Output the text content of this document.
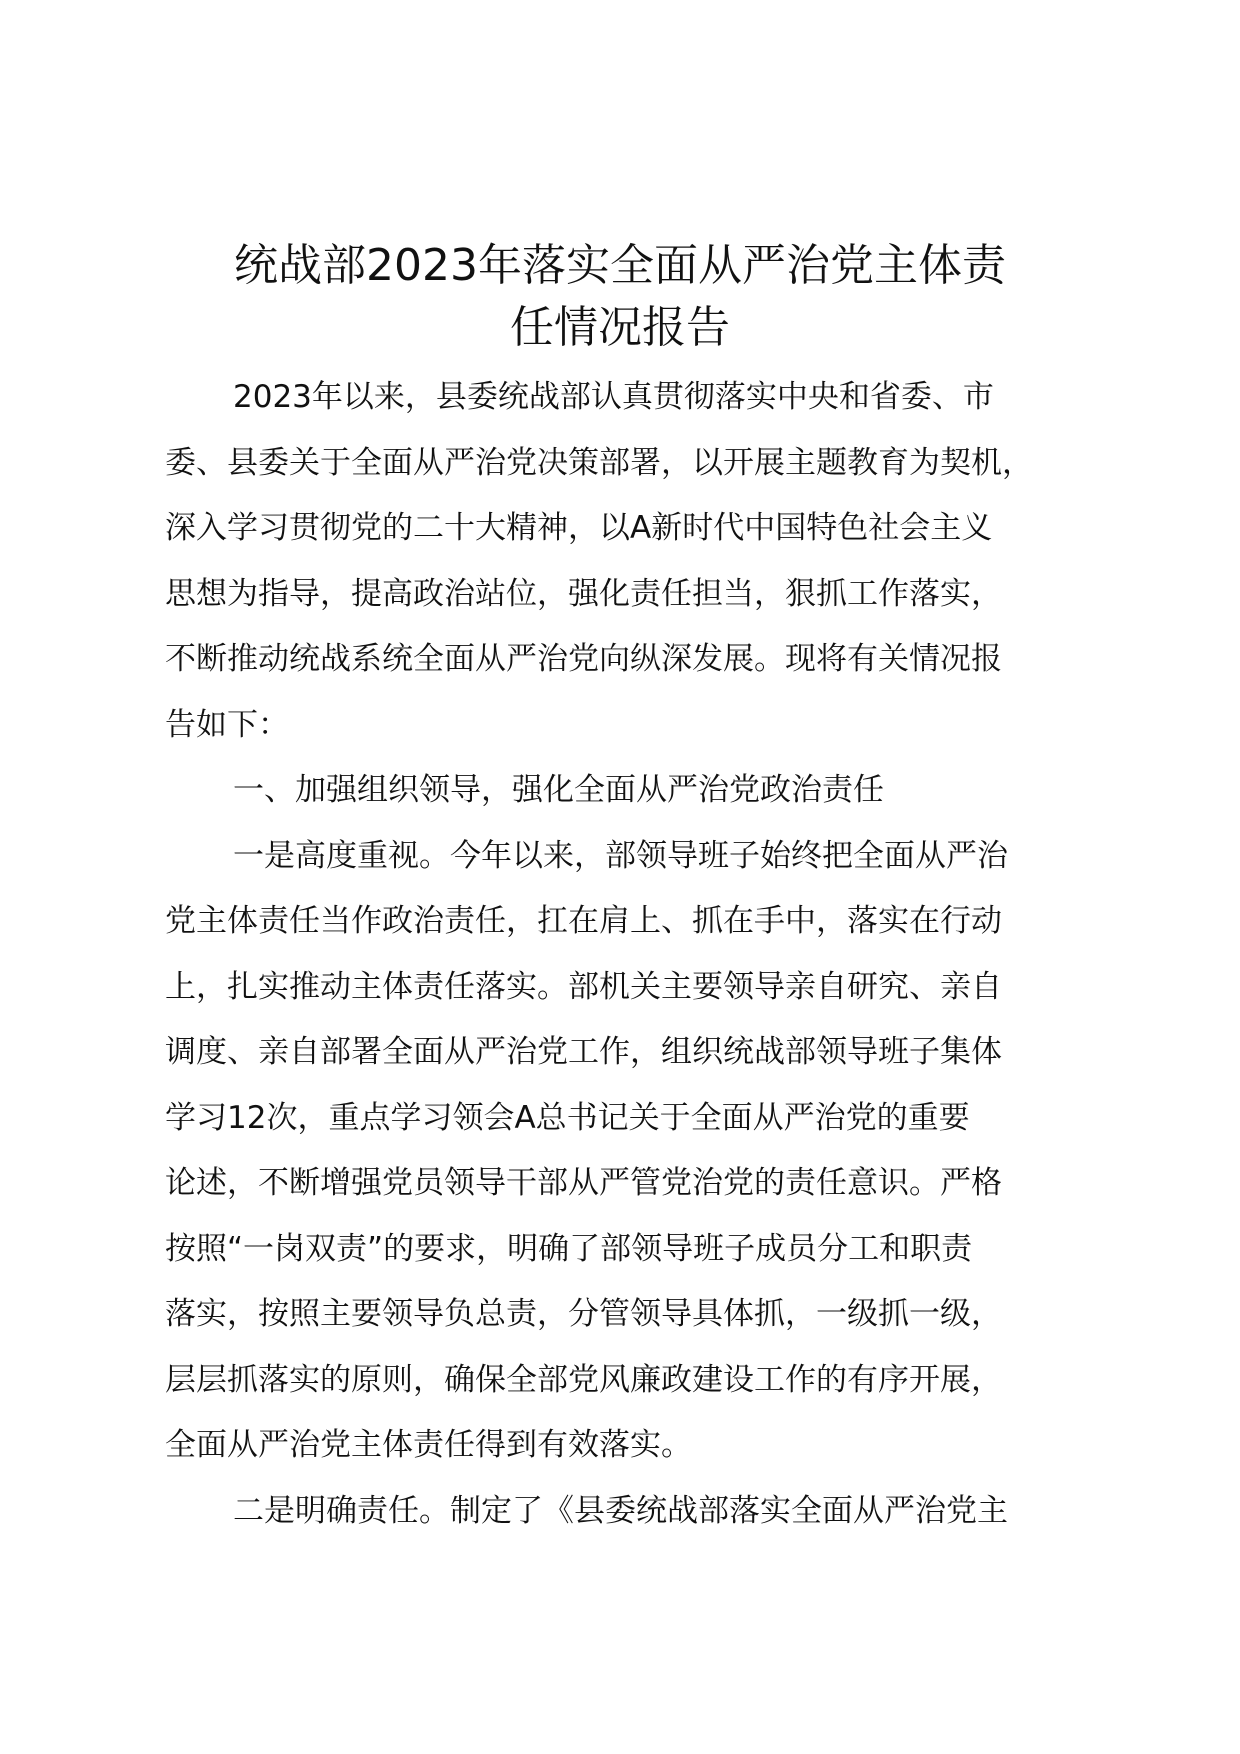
统战部2023年落实全面从严治党主体责
任情况报告
2023年以来，县委统战部认真贯彻落实中央和省委、市
委、县委关于全面从严治党决策部署，以开展主题教育为契机，
深入学习贯彻党的二十大精神，以A新时代中国特色社会主义
思想为指导，提高政治站位，强化责任担当，狠抓工作落实，
不断推动统战系统全面从严治党向纵深发展。现将有关情况报
告如下：
一、加强组织领导，强化全面从严治党政治责任
一是高度重视。今年以来，部领导班子始终把全面从严治
党主体责任当作政治责任，扛在肩上、抓在手中，落实在行动
上，扎实推动主体责任落实。部机关主要领导亲自研究、亲自
调度、亲自部署全面从严治党工作，组织统战部领导班子集体
学习12次，重点学习领会A总书记关于全面从严治党的重要
论述，不断增强党员领导干部从严管党治党的责任意识。严格
按照“一岗双责”的要求，明确了部领导班子成员分工和职责
落实，按照主要领导负总责，分管领导具体抓，一级抓一级，
层层抓落实的原则，确保全部党风廉政建设工作的有序开展，
全面从严治党主体责任得到有效落实。
二是明确责任。制定了《县委统战部落实全面从严治党主
